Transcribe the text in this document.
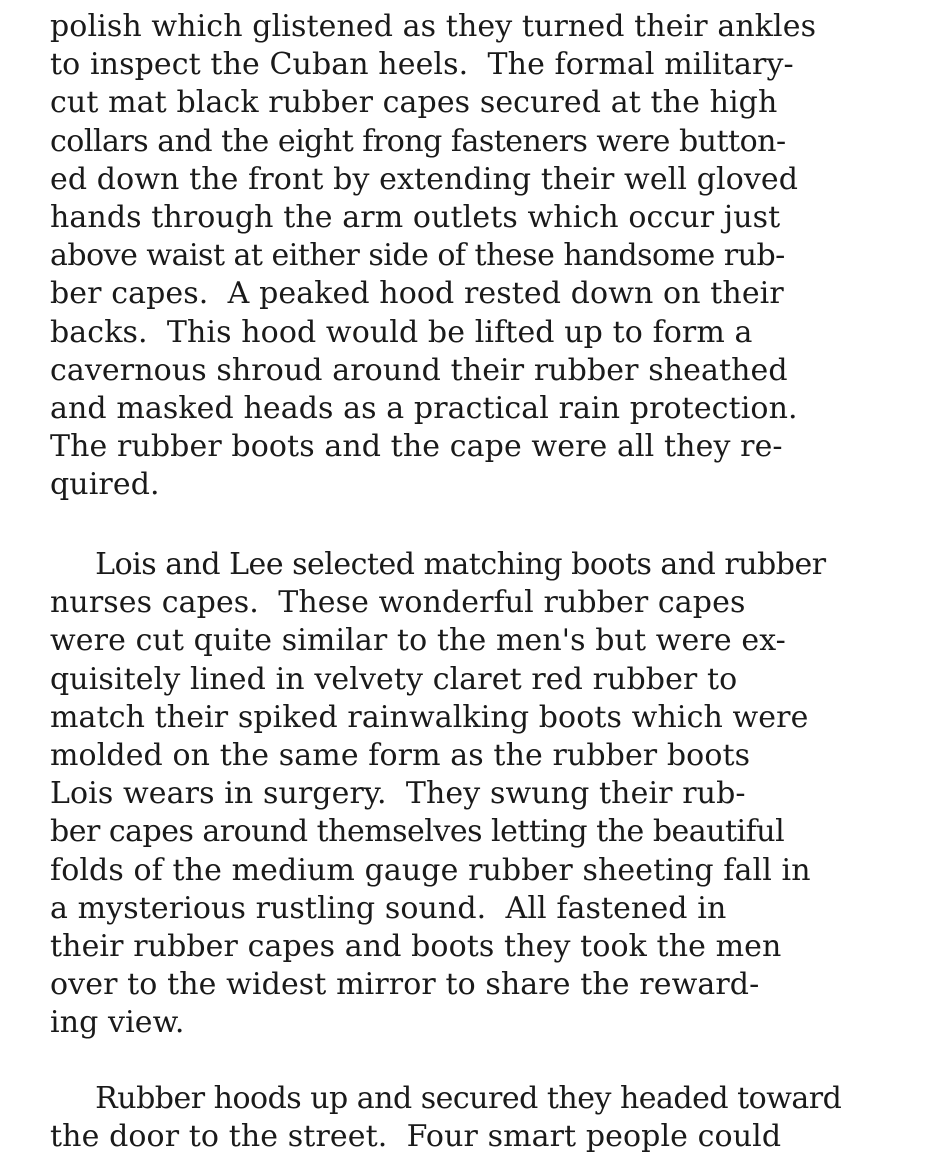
polish which glistened as they turned their ankles
to inspect the Cuban heels.  The formal military-
cut mat black rubber capes secured at the high
collars and the eight frong fasteners were button-
ed down the front by extending their well gloved
hands through the arm outlets which occur just
above waist at either side of these handsome rub-
ber capes.  A peaked hood rested down on their
backs.  This hood would be lifted up to form a
cavernous shroud around their rubber sheathed
and masked heads as a practical rain protection.
The rubber boots and the cape were all they re-
quired.
Lois and Lee selected matching boots and rubber
nurses capes.  These wonderful rubber capes
were cut quite similar to the men's but were ex-
quisitely lined in velvety claret red rubber to
match their spiked rainwalking boots which were
molded on the same form as the rubber boots
Lois wears in surgery.  They swung their rub-
ber capes around themselves letting the beautiful
folds of the medium gauge rubber sheeting fall in
a mysterious rustling sound.  All fastened in
their rubber capes and boots they took the men
over to the widest mirror to share the reward-
ing view.
Rubber hoods up and secured they headed toward
the door to the street.  Four smart people could
